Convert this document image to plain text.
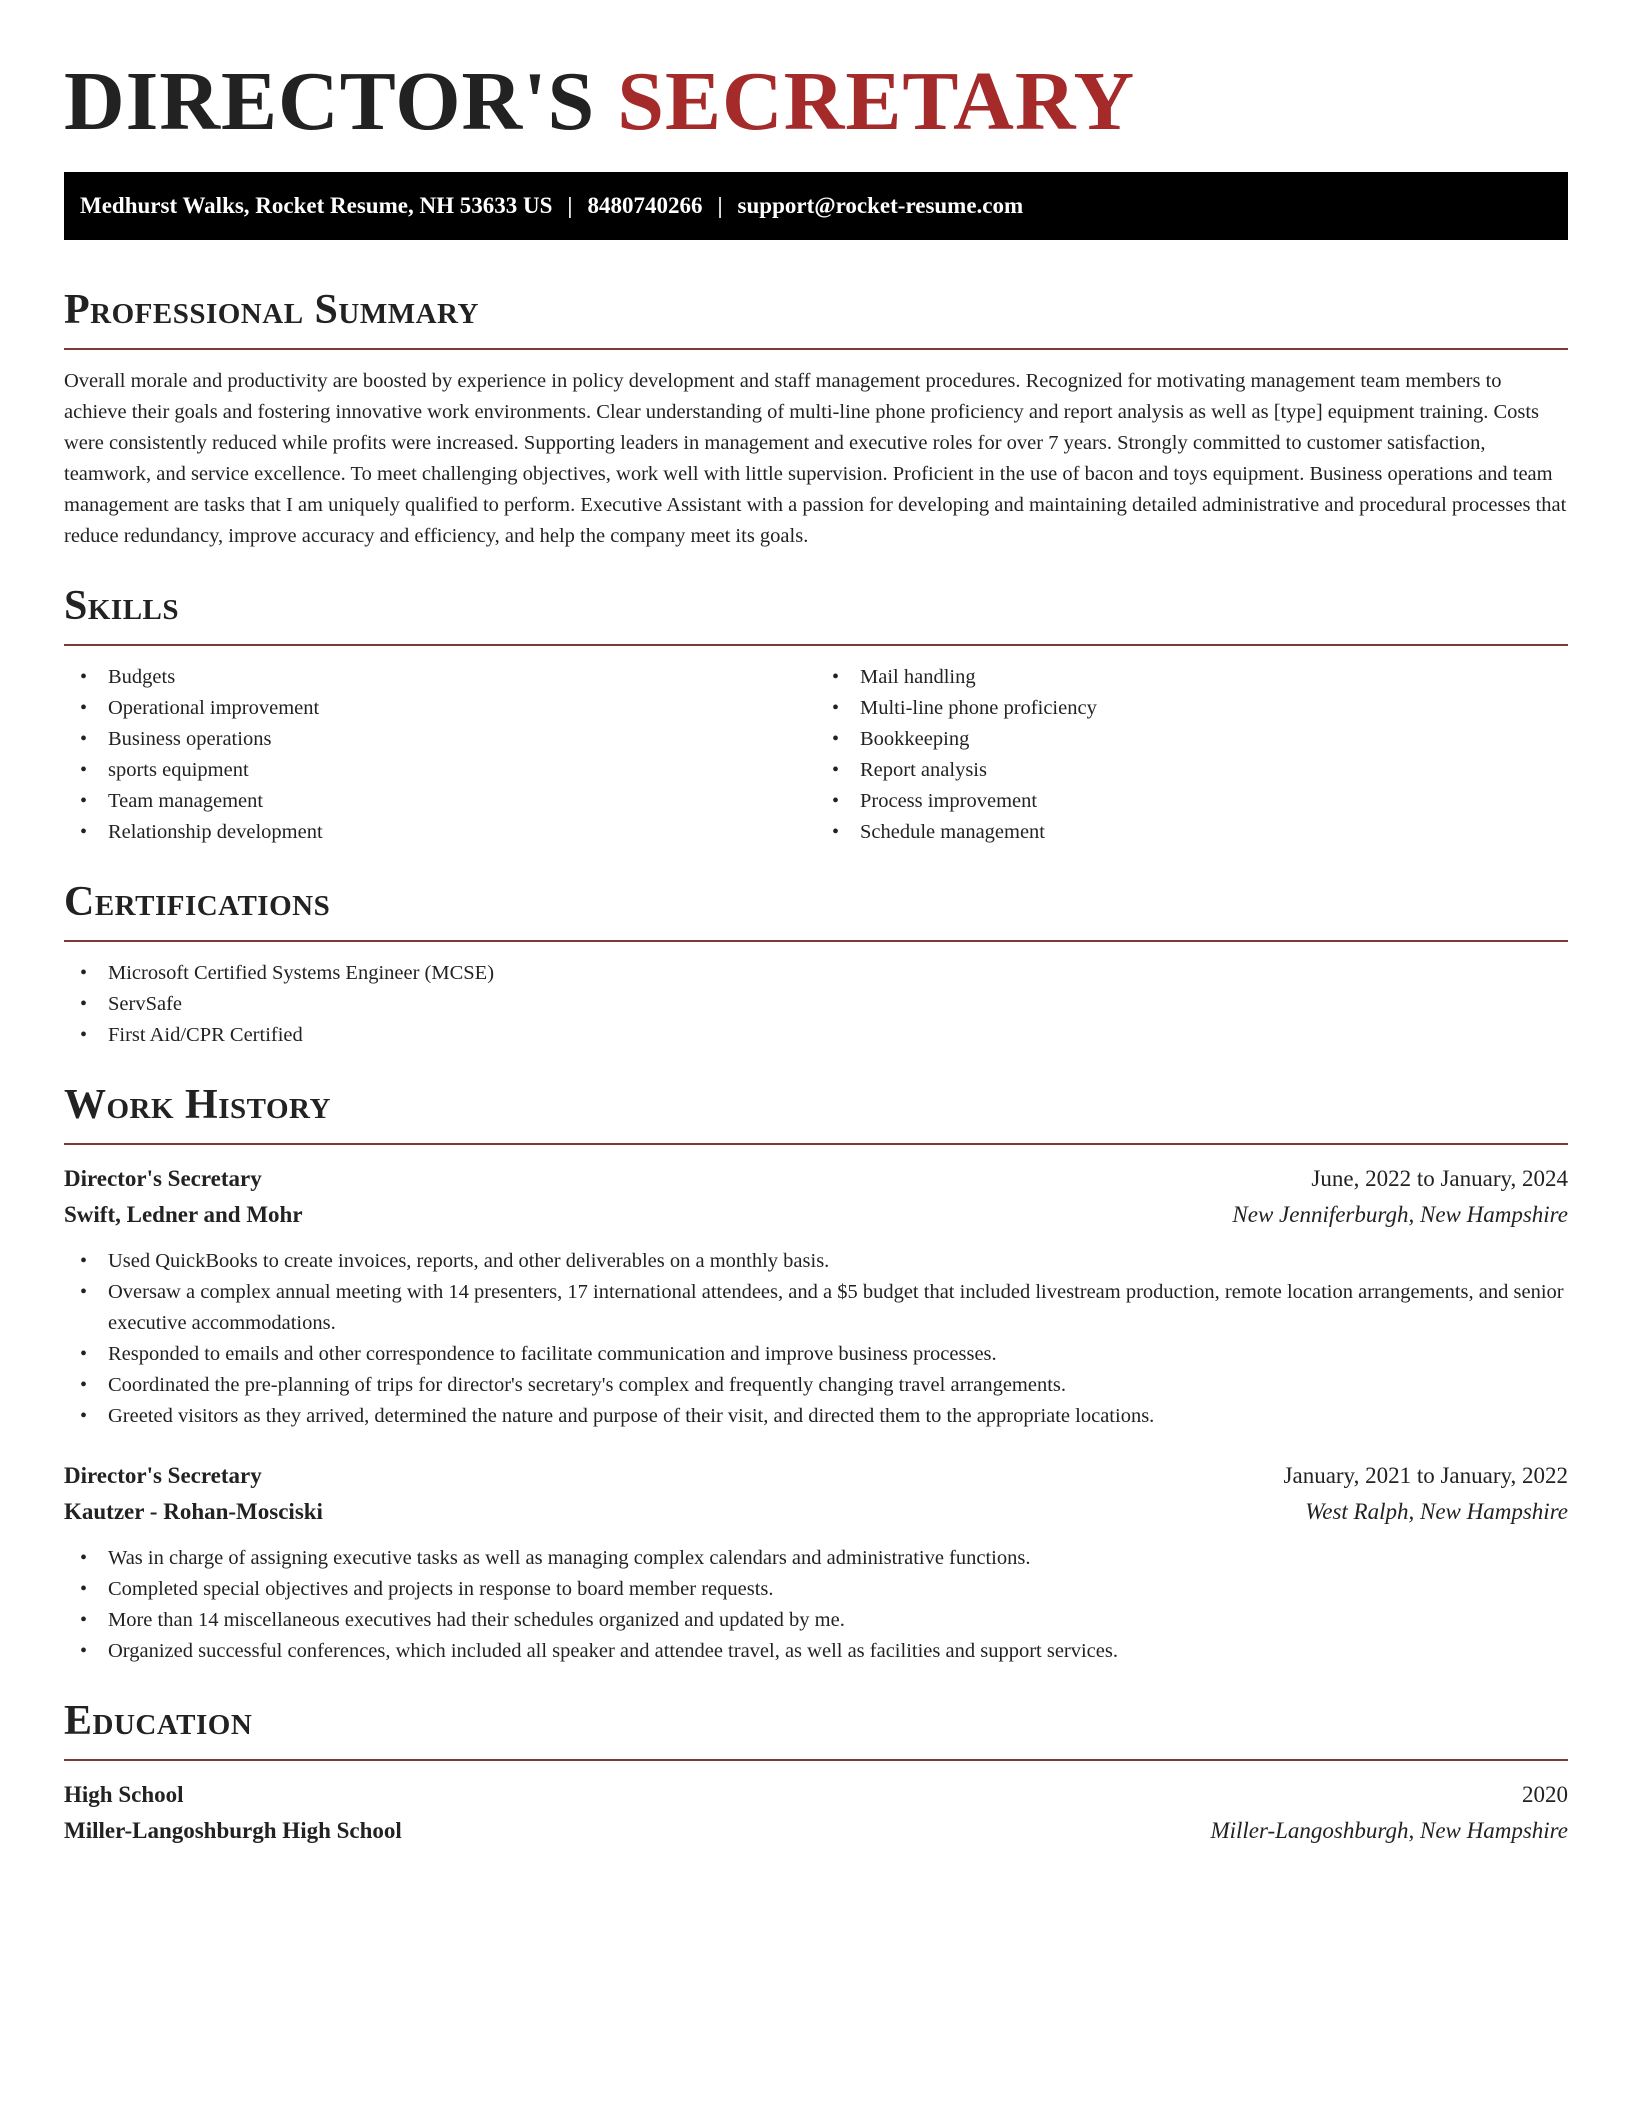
DIRECTOR'S SECRETARY
Medhurst Walks, Rocket Resume, NH 53633 US | 8480740266 | support@rocket-resume.com
Professional Summary

Overall morale and productivity are boosted by experience in policy development and staff management procedures. Recognized for motivating management team members to achieve their goals and fostering innovative work environments. Clear understanding of multi-line phone proficiency and report analysis as well as [type] equipment training. Costs were consistently reduced while profits were increased. Supporting leaders in management and executive roles for over 7 years. Strongly committed to customer satisfaction, teamwork, and service excellence. To meet challenging objectives, work well with little supervision. Proficient in the use of bacon and toys equipment. Business operations and team management are tasks that I am uniquely qualified to perform. Executive Assistant with a passion for developing and maintaining detailed administrative and procedural processes that reduce redundancy, improve accuracy and efficiency, and help the company meet its goals.

Skills
• Budgets
• Operational improvement
• Business operations
• sports equipment
• Team management
• Relationship development
• Mail handling
• Multi-line phone proficiency
• Bookkeeping
• Report analysis
• Process improvement
• Schedule management
Certifications
• Microsoft Certified Systems Engineer (MCSE)
• ServSafe
• First Aid/CPR Certified
Work History
Director's Secretary	June, 2022 to January, 2024
Swift, Ledner and Mohr	New Jenniferburgh, New Hampshire
• Used QuickBooks to create invoices, reports, and other deliverables on a monthly basis.
• Oversaw a complex annual meeting with 14 presenters, 17 international attendees, and a $5 budget that included livestream production, remote location arrangements, and senior executive accommodations.
• Responded to emails and other correspondence to facilitate communication and improve business processes.
• Coordinated the pre-planning of trips for director's secretary's complex and frequently changing travel arrangements.
• Greeted visitors as they arrived, determined the nature and purpose of their visit, and directed them to the appropriate locations.
Director's Secretary	January, 2021 to January, 2022
Kautzer - Rohan-Mosciski	West Ralph, New Hampshire
• Was in charge of assigning executive tasks as well as managing complex calendars and administrative functions.
• Completed special objectives and projects in response to board member requests.
• More than 14 miscellaneous executives had their schedules organized and updated by me.
• Organized successful conferences, which included all speaker and attendee travel, as well as facilities and support services.
Education
High School	2020
Miller-Langoshburgh High School	Miller-Langoshburgh, New Hampshire
